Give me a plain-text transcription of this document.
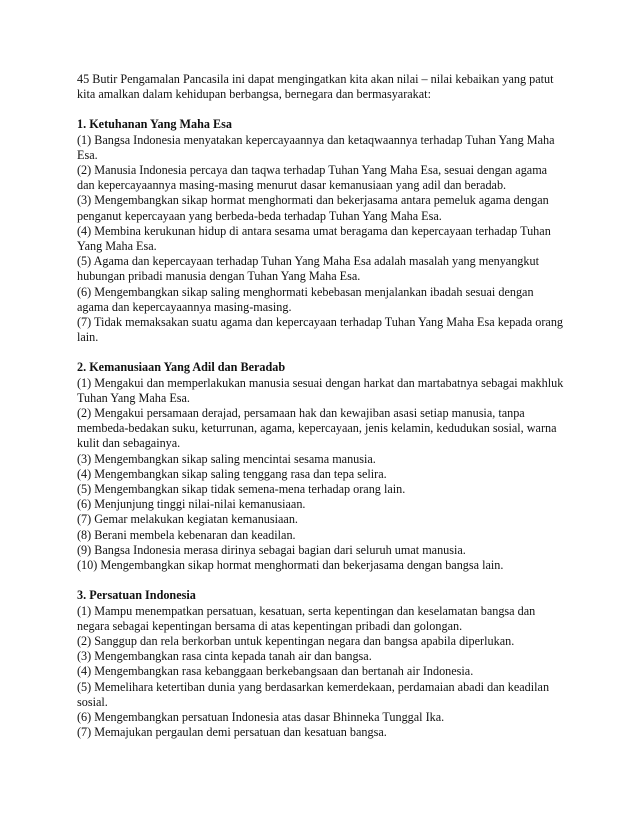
45 Butir Pengamalan Pancasila ini dapat mengingatkan kita akan nilai – nilai kebaikan yang patut kita amalkan dalam kehidupan berbangsa, bernegara dan bermasyarakat:

1. Ketuhanan Yang Maha Esa

(1) Bangsa Indonesia menyatakan kepercayaannya dan ketaqwaannya terhadap Tuhan Yang Maha Esa.
(2) Manusia Indonesia percaya dan taqwa terhadap Tuhan Yang Maha Esa, sesuai dengan agama dan kepercayaannya masing-masing menurut dasar kemanusiaan yang adil dan beradab.
(3) Mengembangkan sikap hormat menghormati dan bekerjasama antara pemeluk agama dengan penganut kepercayaan yang berbeda-beda terhadap Tuhan Yang Maha Esa.
(4) Membina kerukunan hidup di antara sesama umat beragama dan kepercayaan terhadap Tuhan Yang Maha Esa.
(5) Agama dan kepercayaan terhadap Tuhan Yang Maha Esa adalah masalah yang menyangkut hubungan pribadi manusia dengan Tuhan Yang Maha Esa.
(6) Mengembangkan sikap saling menghormati kebebasan menjalankan ibadah sesuai dengan agama dan kepercayaannya masing-masing.
(7) Tidak memaksakan suatu agama dan kepercayaan terhadap Tuhan Yang Maha Esa kepada orang lain.

2. Kemanusiaan Yang Adil dan Beradab

(1) Mengakui dan memperlakukan manusia sesuai dengan harkat dan martabatnya sebagai makhluk Tuhan Yang Maha Esa.
(2) Mengakui persamaan derajad, persamaan hak dan kewajiban asasi setiap manusia, tanpa membeda-bedakan suku, keturrunan, agama, kepercayaan, jenis kelamin, kedudukan sosial, warna kulit dan sebagainya.
(3) Mengembangkan sikap saling mencintai sesama manusia.
(4) Mengembangkan sikap saling tenggang rasa dan tepa selira.
(5) Mengembangkan sikap tidak semena-mena terhadap orang lain.
(6) Menjunjung tinggi nilai-nilai kemanusiaan.
(7) Gemar melakukan kegiatan kemanusiaan.
(8) Berani membela kebenaran dan keadilan.
(9) Bangsa Indonesia merasa dirinya sebagai bagian dari seluruh umat manusia.
(10) Mengembangkan sikap hormat menghormati dan bekerjasama dengan bangsa lain.

3. Persatuan Indonesia

(1) Mampu menempatkan persatuan, kesatuan, serta kepentingan dan keselamatan bangsa dan negara sebagai kepentingan bersama di atas kepentingan pribadi dan golongan.
(2) Sanggup dan rela berkorban untuk kepentingan negara dan bangsa apabila diperlukan.
(3) Mengembangkan rasa cinta kepada tanah air dan bangsa.
(4) Mengembangkan rasa kebanggaan berkebangsaan dan bertanah air Indonesia.
(5) Memelihara ketertiban dunia yang berdasarkan kemerdekaan, perdamaian abadi dan keadilan sosial.
(6) Mengembangkan persatuan Indonesia atas dasar Bhinneka Tunggal Ika.
(7) Memajukan pergaulan demi persatuan dan kesatuan bangsa.
